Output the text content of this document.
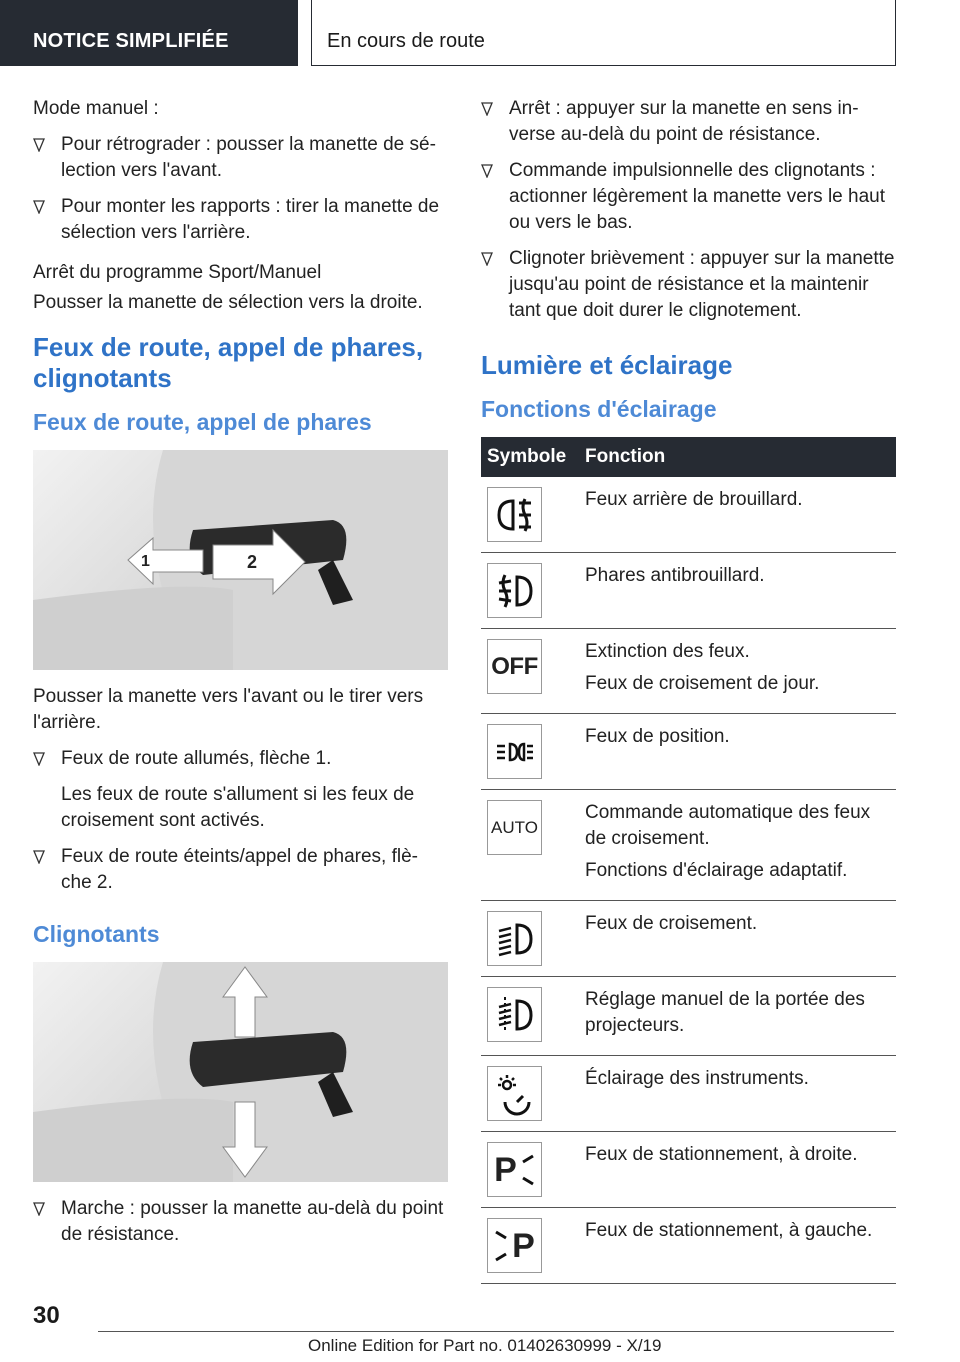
NOTICE SIMPLIFIÉE	En cours de route

Mode manuel :

Pour rétrograder : pousser la manette de sé-lection vers l'avant.
Pour monter les rapports : tirer la manette de sélection vers l'arrière.

Arrêt du programme Sport/Manuel

Pousser la manette de sélection vers la droite.

Feux de route, appel de phares, clignotants
Feux de route, appel de phares
1	2

Pousser la manette vers l'avant ou le tirer vers l'arrière.

Feux de route allumés, flèche 1.
Les feux de route s'allument si les feux de croisement sont activés.
Feux de route éteints/appel de phares, flè-che 2.
Clignotants
Marche : pousser la manette au-delà du point de résistance.
Arrêt : appuyer sur la manette en sens in-verse au-delà du point de résistance.
Commande impulsionnelle des clignotants : actionner légèrement la manette vers le haut ou vers le bas.
Clignoter brièvement : appuyer sur la manette jusqu'au point de résistance et la maintenir tant que doit durer le clignotement.
Lumière et éclairage
Fonctions d'éclairage
Symbole	Fonction

Feux arrière de brouillard.

Phares antibrouillard.

OFF	Extinction des feux.
Feux de croisement de jour.

Feux de position.

AUTO	Commande automatique des feux de croisement.
Fonctions d'éclairage adaptatif.

Feux de croisement.

Réglage manuel de la portée des projecteurs.

Éclairage des instruments.

P	Feux de stationnement, à droite.

P	Feux de stationnement, à gauche.
30
Online Edition for Part no. 01402630999 - X/19
